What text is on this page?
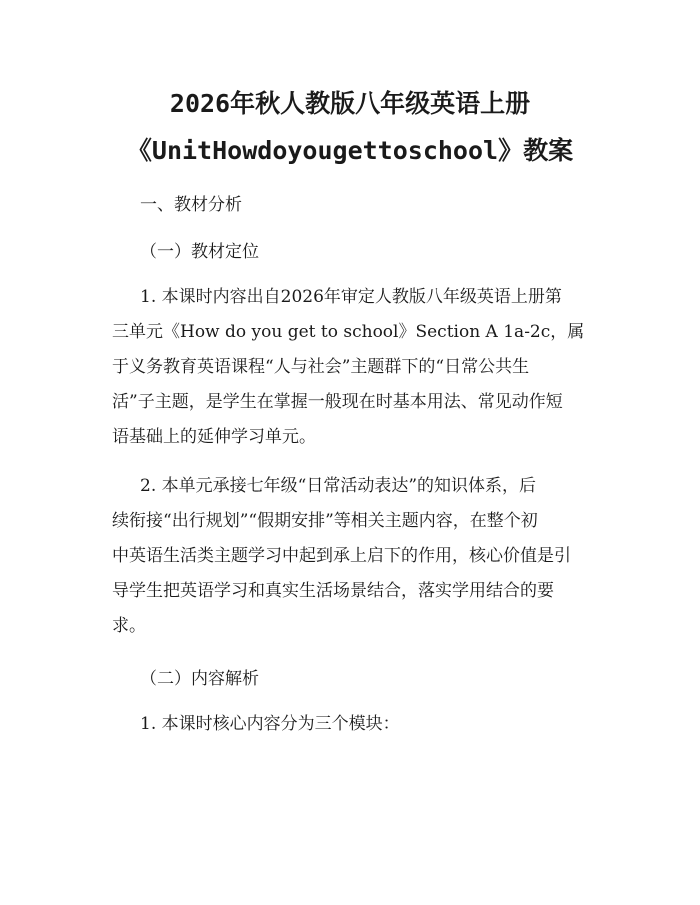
2026年秋人教版八年级英语上册
《UnitHowdoyougettoschool》教案
一、教材分析
（一）教材定位
1. 本课时内容出自2026年审定人教版八年级英语上册第
三单元《How do you get to school》Section A 1a-2c，属
于义务教育英语课程“人与社会”主题群下的“日常公共生
活”子主题，是学生在掌握一般现在时基本用法、常见动作短
语基础上的延伸学习单元。
2. 本单元承接七年级“日常活动表达”的知识体系，后
续衔接“出行规划”“假期安排”等相关主题内容，在整个初
中英语生活类主题学习中起到承上启下的作用，核心价值是引
导学生把英语学习和真实生活场景结合，落实学用结合的要
求。
（二）内容解析
1. 本课时核心内容分为三个模块：
